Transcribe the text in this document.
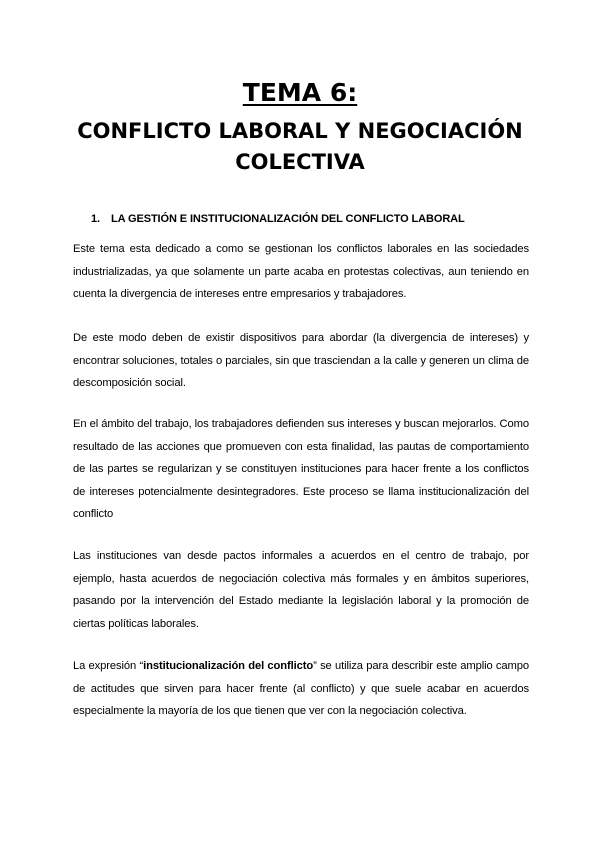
TEMA 6:
CONFLICTO LABORAL Y NEGOCIACIÓN COLECTIVA
1. LA GESTIÓN E INSTITUCIONALIZACIÓN DEL CONFLICTO LABORAL
Este tema esta dedicado a como se gestionan los conflictos laborales en las sociedades industrializadas, ya que solamente un parte acaba en protestas colectivas, aun teniendo en cuenta la divergencia de intereses entre empresarios y trabajadores.
De este modo deben de existir dispositivos para abordar (la divergencia de intereses) y encontrar soluciones, totales o parciales, sin que trasciendan a la calle y generen un clima de descomposición social.
En el ámbito del trabajo, los trabajadores defienden sus intereses y buscan mejorarlos. Como resultado de las acciones que promueven con esta finalidad, las pautas de comportamiento de las partes se regularizan y se constituyen instituciones para hacer frente a los conflictos de intereses potencialmente desintegradores. Este proceso se llama institucionalización del conflicto
Las instituciones van desde pactos informales a acuerdos en el centro de trabajo, por ejemplo, hasta acuerdos de negociación colectiva más formales y en ámbitos superiores, pasando por la intervención del Estado mediante la legislación laboral y la promoción de ciertas políticas laborales.
La expresión “institucionalización del conflicto” se utiliza para describir este amplio campo de actitudes que sirven para hacer frente (al conflicto) y que suele acabar en acuerdos especialmente la mayoría de los que tienen que ver con la negociación colectiva.
